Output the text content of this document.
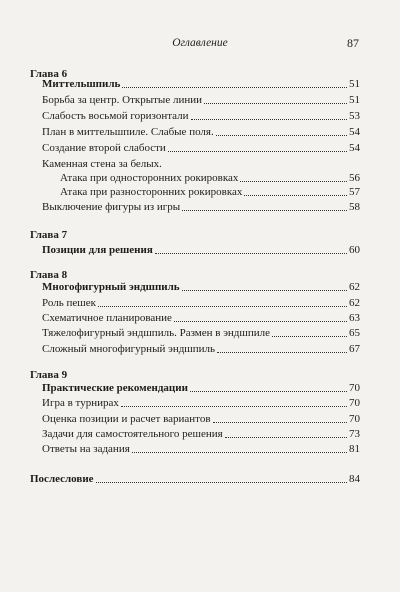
Оглавление	87
Глава 6
Миттельшпиль	51
Борьба за центр. Открытые линии	51
Слабость восьмой горизонтали	53
План в миттельшпиле. Слабые поля.	54
Создание второй слабости	54
Каменная стена за белых.
Атака при односторонних рокировках	56
Атака при разносторонних рокировках	57
Выключение фигуры из игры	58
Глава 7
Позиции для решения	60
Глава 8
Многофигурный эндшпиль	62
Роль пешек	62
Схематичное планирование	63
Тяжелофигурный эндшпиль. Размен в эндшпиле	65
Сложный многофигурный эндшпиль	67
Глава 9
Практические рекомендации	70
Игра в турнирах	70
Оценка позиции и расчет вариантов	70
Задачи для самостоятельного решения	73
Ответы на задания	81
Послесловие	84
